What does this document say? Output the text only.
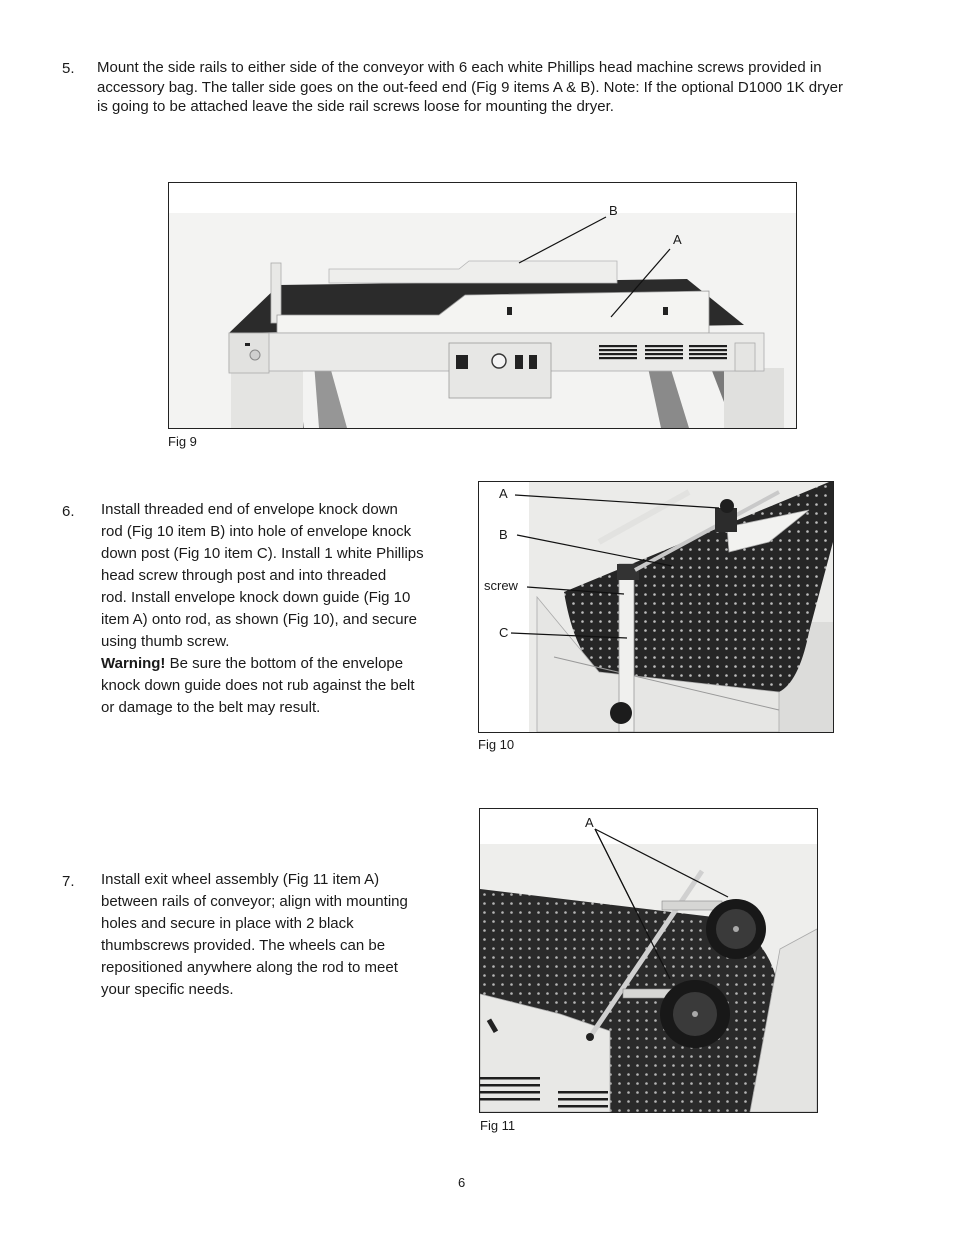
5. Mount the side rails to either side of the conveyor with 6 each white Phillips head machine screws provided in
accessory bag. The taller side goes on the out-feed end (Fig 9 items A & B). Note: If the optional D1000 1K dryer
is going to be attached leave the side rail screws loose for mounting the dryer.
B
A
Fig 9
6. Install threaded end of envelope knock down
rod (Fig 10 item B) into hole of envelope knock
down post (Fig 10 item C). Install 1 white Phillips
head screw through post and into threaded
rod. Install envelope knock down guide (Fig 10
item A) onto rod, as shown (Fig 10), and secure
using thumb screw.
Warning! Be sure the bottom of the envelope
knock down guide does not rub against the belt
or damage to the belt may result.
A
B
screw
C
Fig 10
7. Install exit wheel assembly (Fig 11 item A)
between rails of conveyor; align with mounting
holes and secure in place with 2 black
thumbscrews provided. The wheels can be
repositioned anywhere along the rod to meet
your specific needs.
A
Fig 11
6
